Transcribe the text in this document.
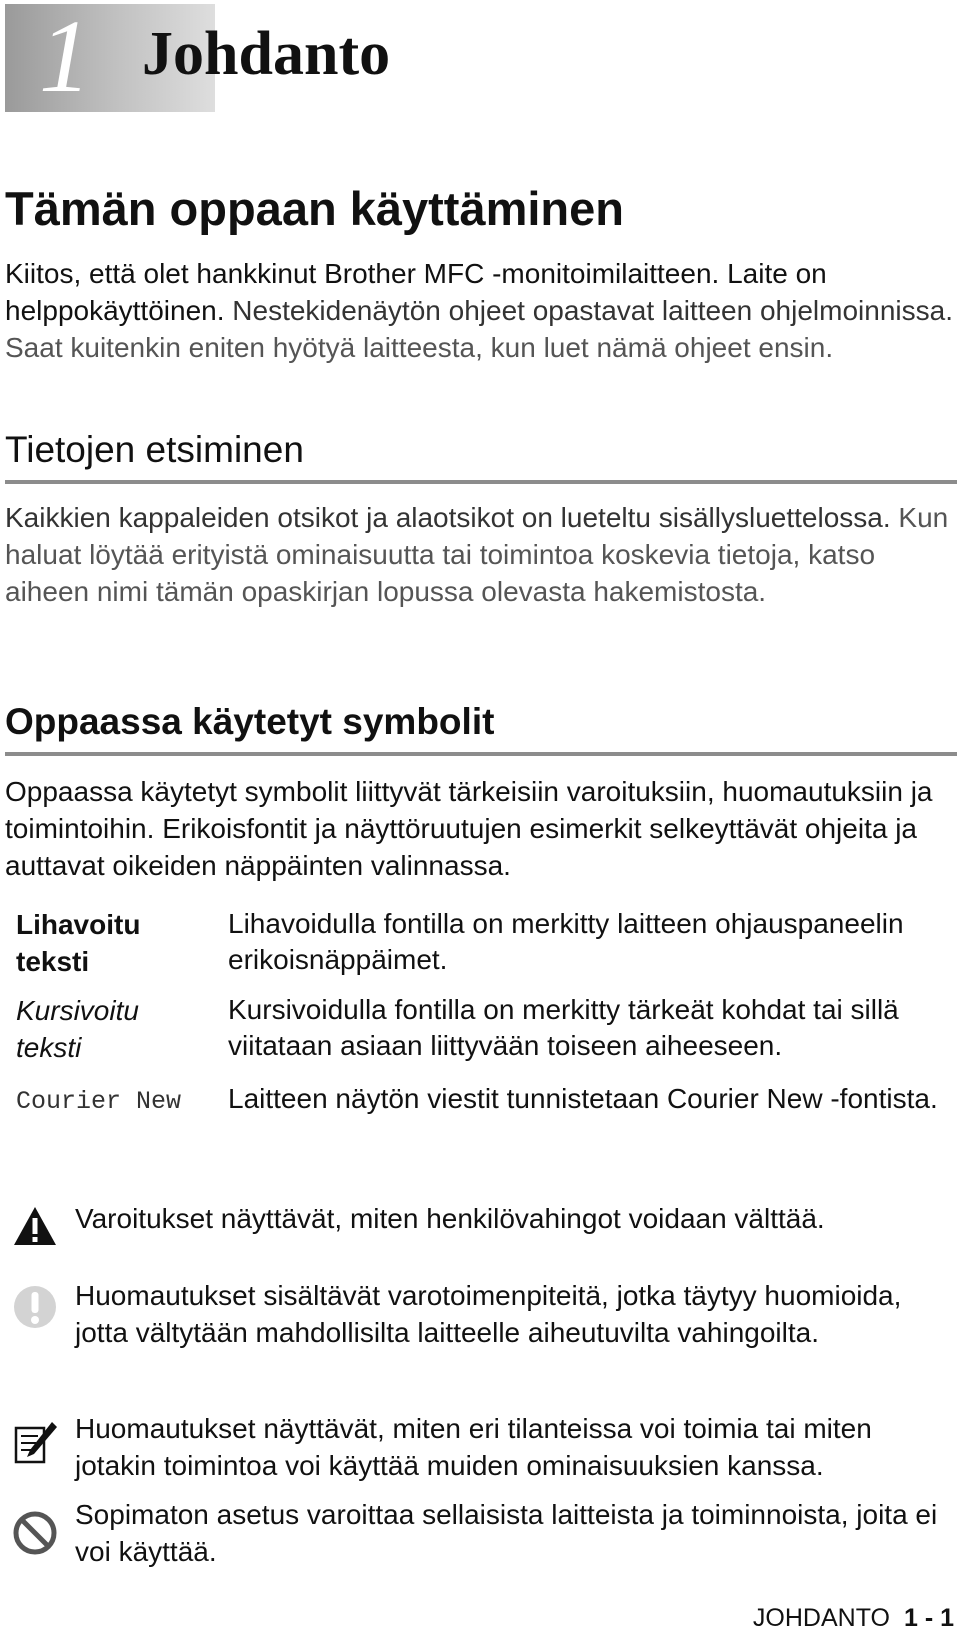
1 Johdanto
Tämän oppaan käyttäminen

Kiitos, että olet hankkinut Brother MFC -monitoimilaitteen. Laite on helppokäyttöinen. Nestekidenäytön ohjeet opastavat laitteen ohjelmoinnissa. Saat kuitenkin eniten hyötyä laitteesta, kun luet nämä ohjeet ensin.

Tietojen etsiminen

Kaikkien kappaleiden otsikot ja alaotsikot on lueteltu sisällysluettelossa. Kun haluat löytää erityistä ominaisuutta tai toimintoa koskevia tietoja, katso aiheen nimi tämän opaskirjan lopussa olevasta hakemistosta.

Oppaassa käytetyt symbolit

Oppaassa käytetyt symbolit liittyvät tärkeisiin varoituksiin, huomautuksiin ja toimintoihin. Erikoisfontit ja näyttöruutujen esimerkit selkeyttävät ohjeita ja auttavat oikeiden näppäinten valinnassa.

Lihavoitu teksti
Lihavoidulla fontilla on merkitty laitteen ohjauspaneelin erikoisnäppäimet.
Kursivoitu teksti
Kursivoidulla fontilla on merkitty tärkeät kohdat tai sillä viitataan asiaan liittyvään toiseen aiheeseen.
Courier New	Laitteen näytön viestit tunnistetaan Courier New -fontista.
Varoitukset näyttävät, miten henkilövahingot voidaan välttää.
Huomautukset sisältävät varotoimenpiteitä, jotka täytyy huomioida, jotta vältytään mahdollisilta laitteelle aiheutuvilta vahingoilta.
Huomautukset näyttävät, miten eri tilanteissa voi toimia tai miten jotakin toimintoa voi käyttää muiden ominaisuuksien kanssa.
Sopimaton asetus varoittaa sellaisista laitteista ja toiminnoista, joita ei voi käyttää.
JOHDANTO 1 - 1
